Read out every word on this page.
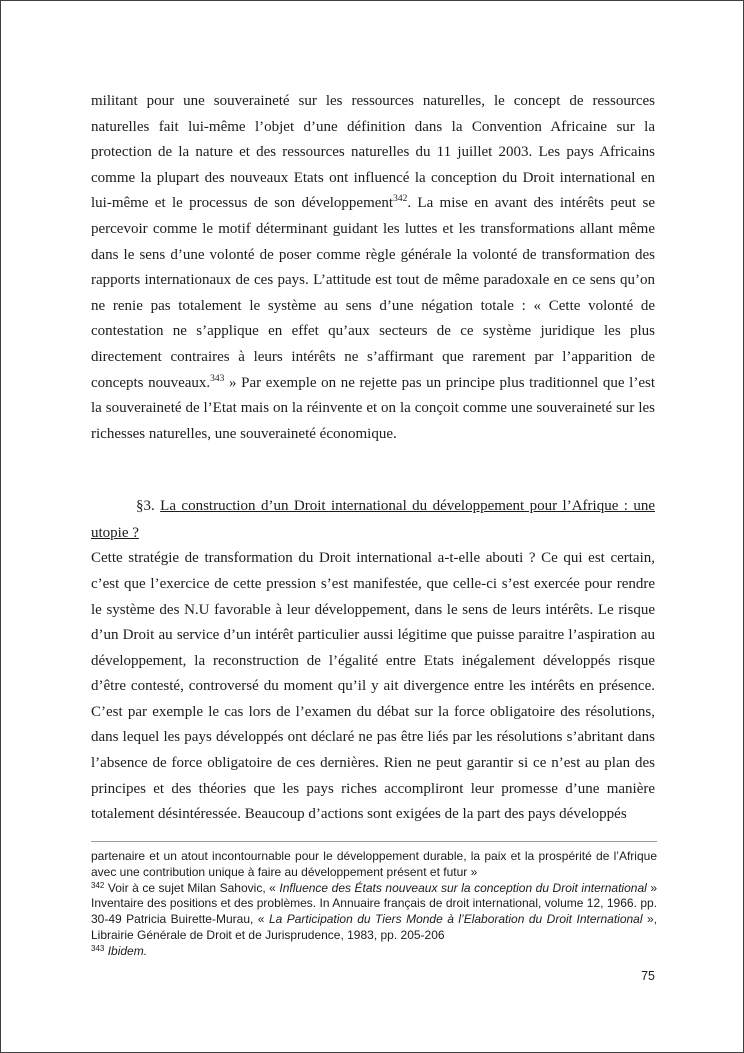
militant pour une souveraineté sur les ressources naturelles, le concept de ressources naturelles fait lui-même l’objet d’une définition dans la Convention Africaine sur la protection de la nature et des ressources naturelles du 11 juillet 2003. Les pays Africains comme la plupart des nouveaux Etats ont influencé la conception du Droit international en lui-même et le processus de son développement$^{342}$. La mise en avant des intérêts peut se percevoir comme le motif déterminant guidant les luttes et les transformations allant même dans le sens d’une volonté de poser comme règle générale la volonté de transformation des rapports internationaux de ces pays. L’attitude est tout de même paradoxale en ce sens qu’on ne renie pas totalement le système au sens d’une négation totale : « Cette volonté de contestation ne s’applique en effet qu’aux secteurs de ce système juridique les plus directement contraires à leurs intérêts ne s’affirmant que rarement par l’apparition de concepts nouveaux.$^{343}$ » Par exemple on ne rejette pas un principe plus traditionnel que l’est la souveraineté de l’Etat mais on la réinvente et on la conçoit comme une souveraineté sur les richesses naturelles, une souveraineté économique.

§3. La construction d’un Droit international du développement pour l’Afrique : une utopie ?

Cette stratégie de transformation du Droit international a-t-elle abouti ? Ce qui est certain, c’est que l’exercice de cette pression s’est manifestée, que celle-ci s’est exercée pour rendre le système des N.U favorable à leur développement, dans le sens de leurs intérêts. Le risque d’un Droit au service d’un intérêt particulier aussi légitime que puisse paraitre l’aspiration au développement, la reconstruction de l’égalité entre Etats inégalement développés risque d’être contesté, controversé du moment qu’il y ait divergence entre les intérêts en présence. C’est par exemple le cas lors de l’examen du débat sur la force obligatoire des résolutions, dans lequel les pays développés ont déclaré ne pas être liés par les résolutions s’abritant dans l’absence de force obligatoire de ces dernières. Rien ne peut garantir si ce n’est au plan des principes et des théories que les pays riches accompliront leur promesse d’une manière totalement désintéressée. Beaucoup d’actions sont exigées de la part des pays développés

partenaire et un atout incontournable pour le développement durable, la paix et la prospérité de l’Afrique avec une contribution unique à faire au développement présent et futur »

$^{342}$ Voir à ce sujet Milan Sahovic, « Influence des États nouveaux sur la conception du Droit international » Inventaire des positions et des problèmes. In Annuaire français de droit international, volume 12, 1966. pp. 30-49 Patricia Buirette-Murau, « La Participation du Tiers Monde à l’Elaboration du Droit International », Librairie Générale de Droit et de Jurisprudence, 1983, pp. 205-206

$^{343}$ Ibidem.

75
